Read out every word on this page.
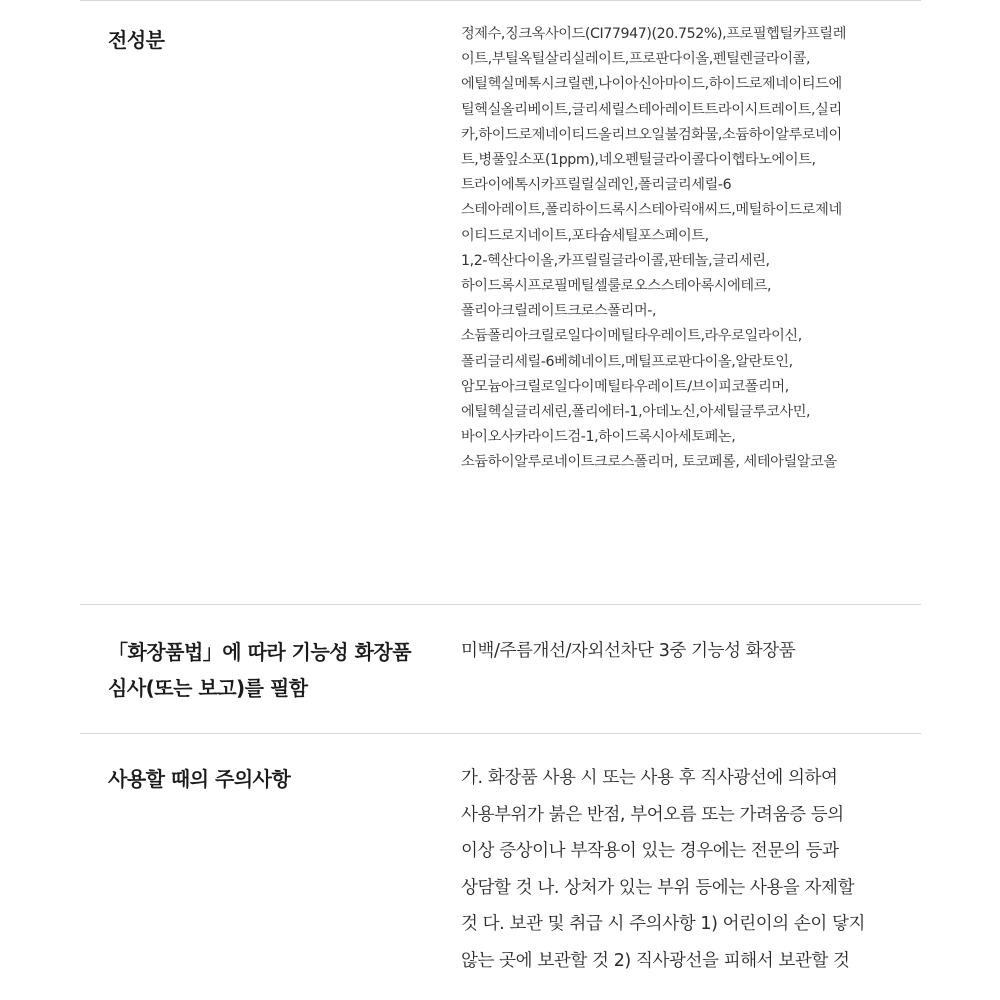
전성분	정제수,징크옥사이드(CI77947)(20.752%),프로필헵틸카프릴레
이트,부틸옥틸살리실레이트,프로판다이올,펜틸렌글라이콜,
에틸헥실메톡시크릴렌,나이아신아마이드,하이드로제네이티드에
틸헥실올리베이트,글리세릴스테아레이트트라이시트레이트,실리
카,하이드로제네이티드올리브오일불검화물,소듐하이알루로네이
트,병풀잎소포(1ppm),네오펜틸글라이콜다이헵타노에이트,
트라이에톡시카프릴릴실레인,폴리글리세릴-6
스테아레이트,폴리하이드록시스테아릭애씨드,메틸하이드로제네
이티드로지네이트,포타슘세틸포스페이트,
1,2-헥산다이올,카프릴릴글라이콜,판테놀,글리세린,
하이드록시프로필메틸셀룰로오스스테아록시에테르,
폴리아크릴레이트크로스폴리머-,
소듐폴리아크릴로일다이메틸타우레이트,라우로일라이신,
폴리글리세릴-6베헤네이트,메틸프로판다이올,알란토인,
암모늄아크릴로일다이메틸타우레이트/브이피코폴리머,
에틸헥실글리세린,폴리에터-1,아데노신,아세틸글루코사민,
바이오사카라이드검-1,하이드록시아세토페논,
소듐하이알루로네이트크로스폴리머, 토코페롤, 세테아릴알코올
「화장품법」에 따라 기능성 화장품
심사(또는 보고)를 필함
미백/주름개선/자외선차단 3중 기능성 화장품
사용할 때의 주의사항	가. 화장품 사용 시 또는 사용 후 직사광선에 의하여
사용부위가 붉은 반점, 부어오름 또는 가려움증 등의
이상 증상이나 부작용이 있는 경우에는 전문의 등과
상담할 것 나. 상처가 있는 부위 등에는 사용을 자제할
것 다. 보관 및 취급 시 주의사항 1) 어린이의 손이 닿지
않는 곳에 보관할 것 2) 직사광선을 피해서 보관할 것
